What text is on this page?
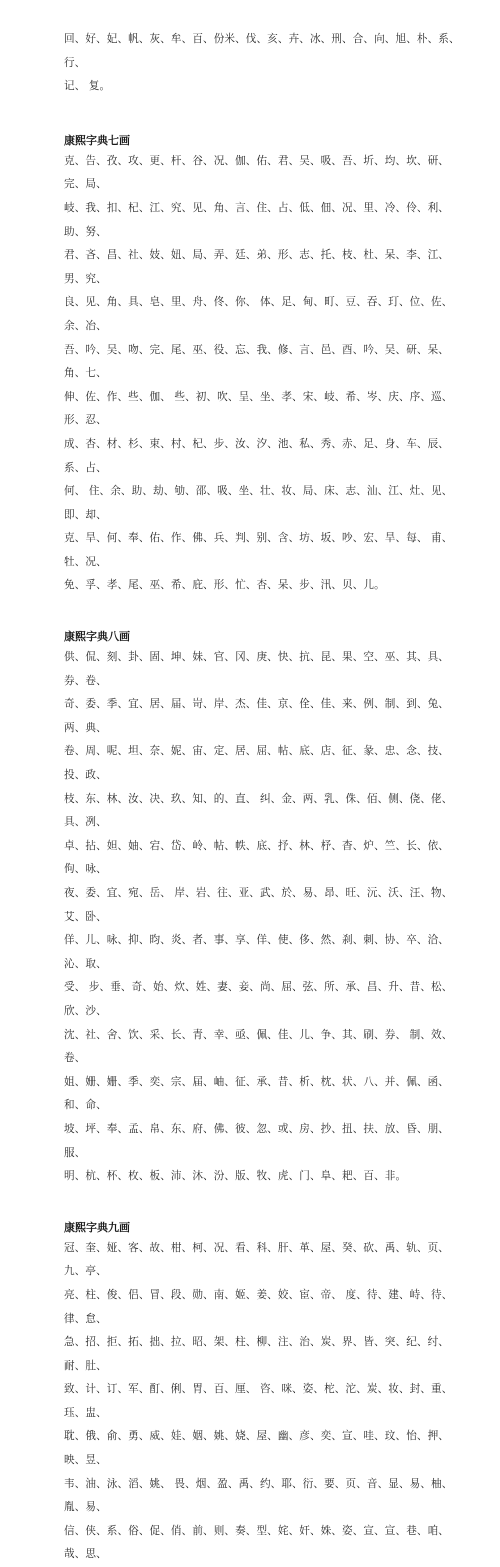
回、好、妃、帆、灰、牟、百、份米、伐、亥、卉、冰、刑、合、向、旭、朴、系、行、

记、 复。

康熙字典七画

克、告、孜、攻、更、杆、谷、况、伽、佑、君、吴、吸、吾、圻、均、坎、研、完、局、

岐、我、扣、杞、江、究、见、角、言、住、占、低、佃、况、里、冷、伶、利、助、努、

君、吝、昌、社、妓、妞、局、弄、廷、弟、形、志、托、枝、杜、呆、李、江、男、究、

良、见、角、具、皂、里、舟、佟、你、 体、足、甸、町、豆、吞、玎、位、佐、余、冶、

吾、吟、吴、吻、完、尾、巫、役、忘、我、修、言、邑、酉、吟、吴、研、呆、角、七、

伸、佐、作、些、伽、 些、初、吹、呈、坐、孝、宋、岐、希、岑、庆、序、巡、形、忍、

成、杏、材、杉、束、村、杞、步、汝、汐、池、私、秀、赤、足、身、车、辰、系、占、

何、 住、余、助、劫、劬、邵、吸、坐、壮、妆、局、床、志、汕、江、灶、见、即、却、

克、旱、何、奉、佑、作、佛、兵、判、别、含、坊、坂、吵、宏、旱、每、 甫、牡、况、

免、孚、孝、尾、巫、希、庇、形、忙、杏、呆、步、汛、贝、儿。

康熙字典八画

供、侃、刻、卦、固、坤、妹、官、冈、庚、快、抗、昆、果、空、巫、其、具、券、卷、

奇、委、季、宜、居、届、岢、岸、杰、佳、京、佺、佳、来、例、制、到、兔、两、典、

卷、周、呢、坦、奈、妮、宙、定、居、屈、帖、底、店、征、彖、忠、念、技、投、政、

枝、东、林、汝、决、玖、知、的、直、 纠、金、两、乳、侏、佰、侧、侥、佬、具、冽、

卓、拈、妲、妯、宕、岱、岭、帖、帙、底、抒、林、杼、杳、炉、竺、长、依、佝、咏、

夜、委、宜、宛、岳、 岸、岩、往、亚、武、於、易、昂、旺、沅、沃、汪、物、艾、卧、

佯、儿、咏、抑、昀、炎、者、事、享、佯、使、侈、然、刹、刺、协、卒、洽、沁、取、

受、 步、垂、奇、始、炊、姓、妻、妾、尚、屈、弦、所、承、昌、升、昔、松、欣、沙、

沈、社、舍、饮、采、长、青、幸、亟、佩、佳、儿、争、其、刷、券、 制、效、卷、

姐、姗、姗、季、奕、宗、届、岫、征、承、昔、析、枕、状、八、并、佩、函、和、命、

坡、坪、奉、孟、帛、东、府、佛、彼、忽、或、房、抄、扭、扶、放、昏、朋、服、

明、杭、杯、枚、板、沛、沐、汾、版、牧、虎、门、阜、耙、百、非。

康熙字典九画

冠、奎、娅、客、故、柑、柯、况、看、科、肝、革、屋、癸、砍、禹、轨、页、九、亭、

亮、柱、俊、侣、冒、段、勋、南、姬、姜、姣、宦、帝、 度、待、建、峙、待、律、怠、

急、招、拒、拓、拙、拉、昭、架、柱、柳、注、治、炭、界、皆、突、纪、纣、耐、肚、

致、计、订、军、酊、俐、胃、百、厘、 咨、咪、姿、柁、沱、炭、妆、封、重、珏、盅、

耽、俄、俞、勇、威、娃、姻、姚、娆、屋、幽、彦、奕、宣、哇、玟、怡、押、映、昱、

韦、油、泳、滔、姚、 畏、烟、盈、禹、约、耶、衍、要、页、音、显、易、柚、胤、易、

信、侠、系、俗、促、俏、前、则、奏、型、姹、奸、姝、姿、宣、宣、巷、咱、哉、思、
